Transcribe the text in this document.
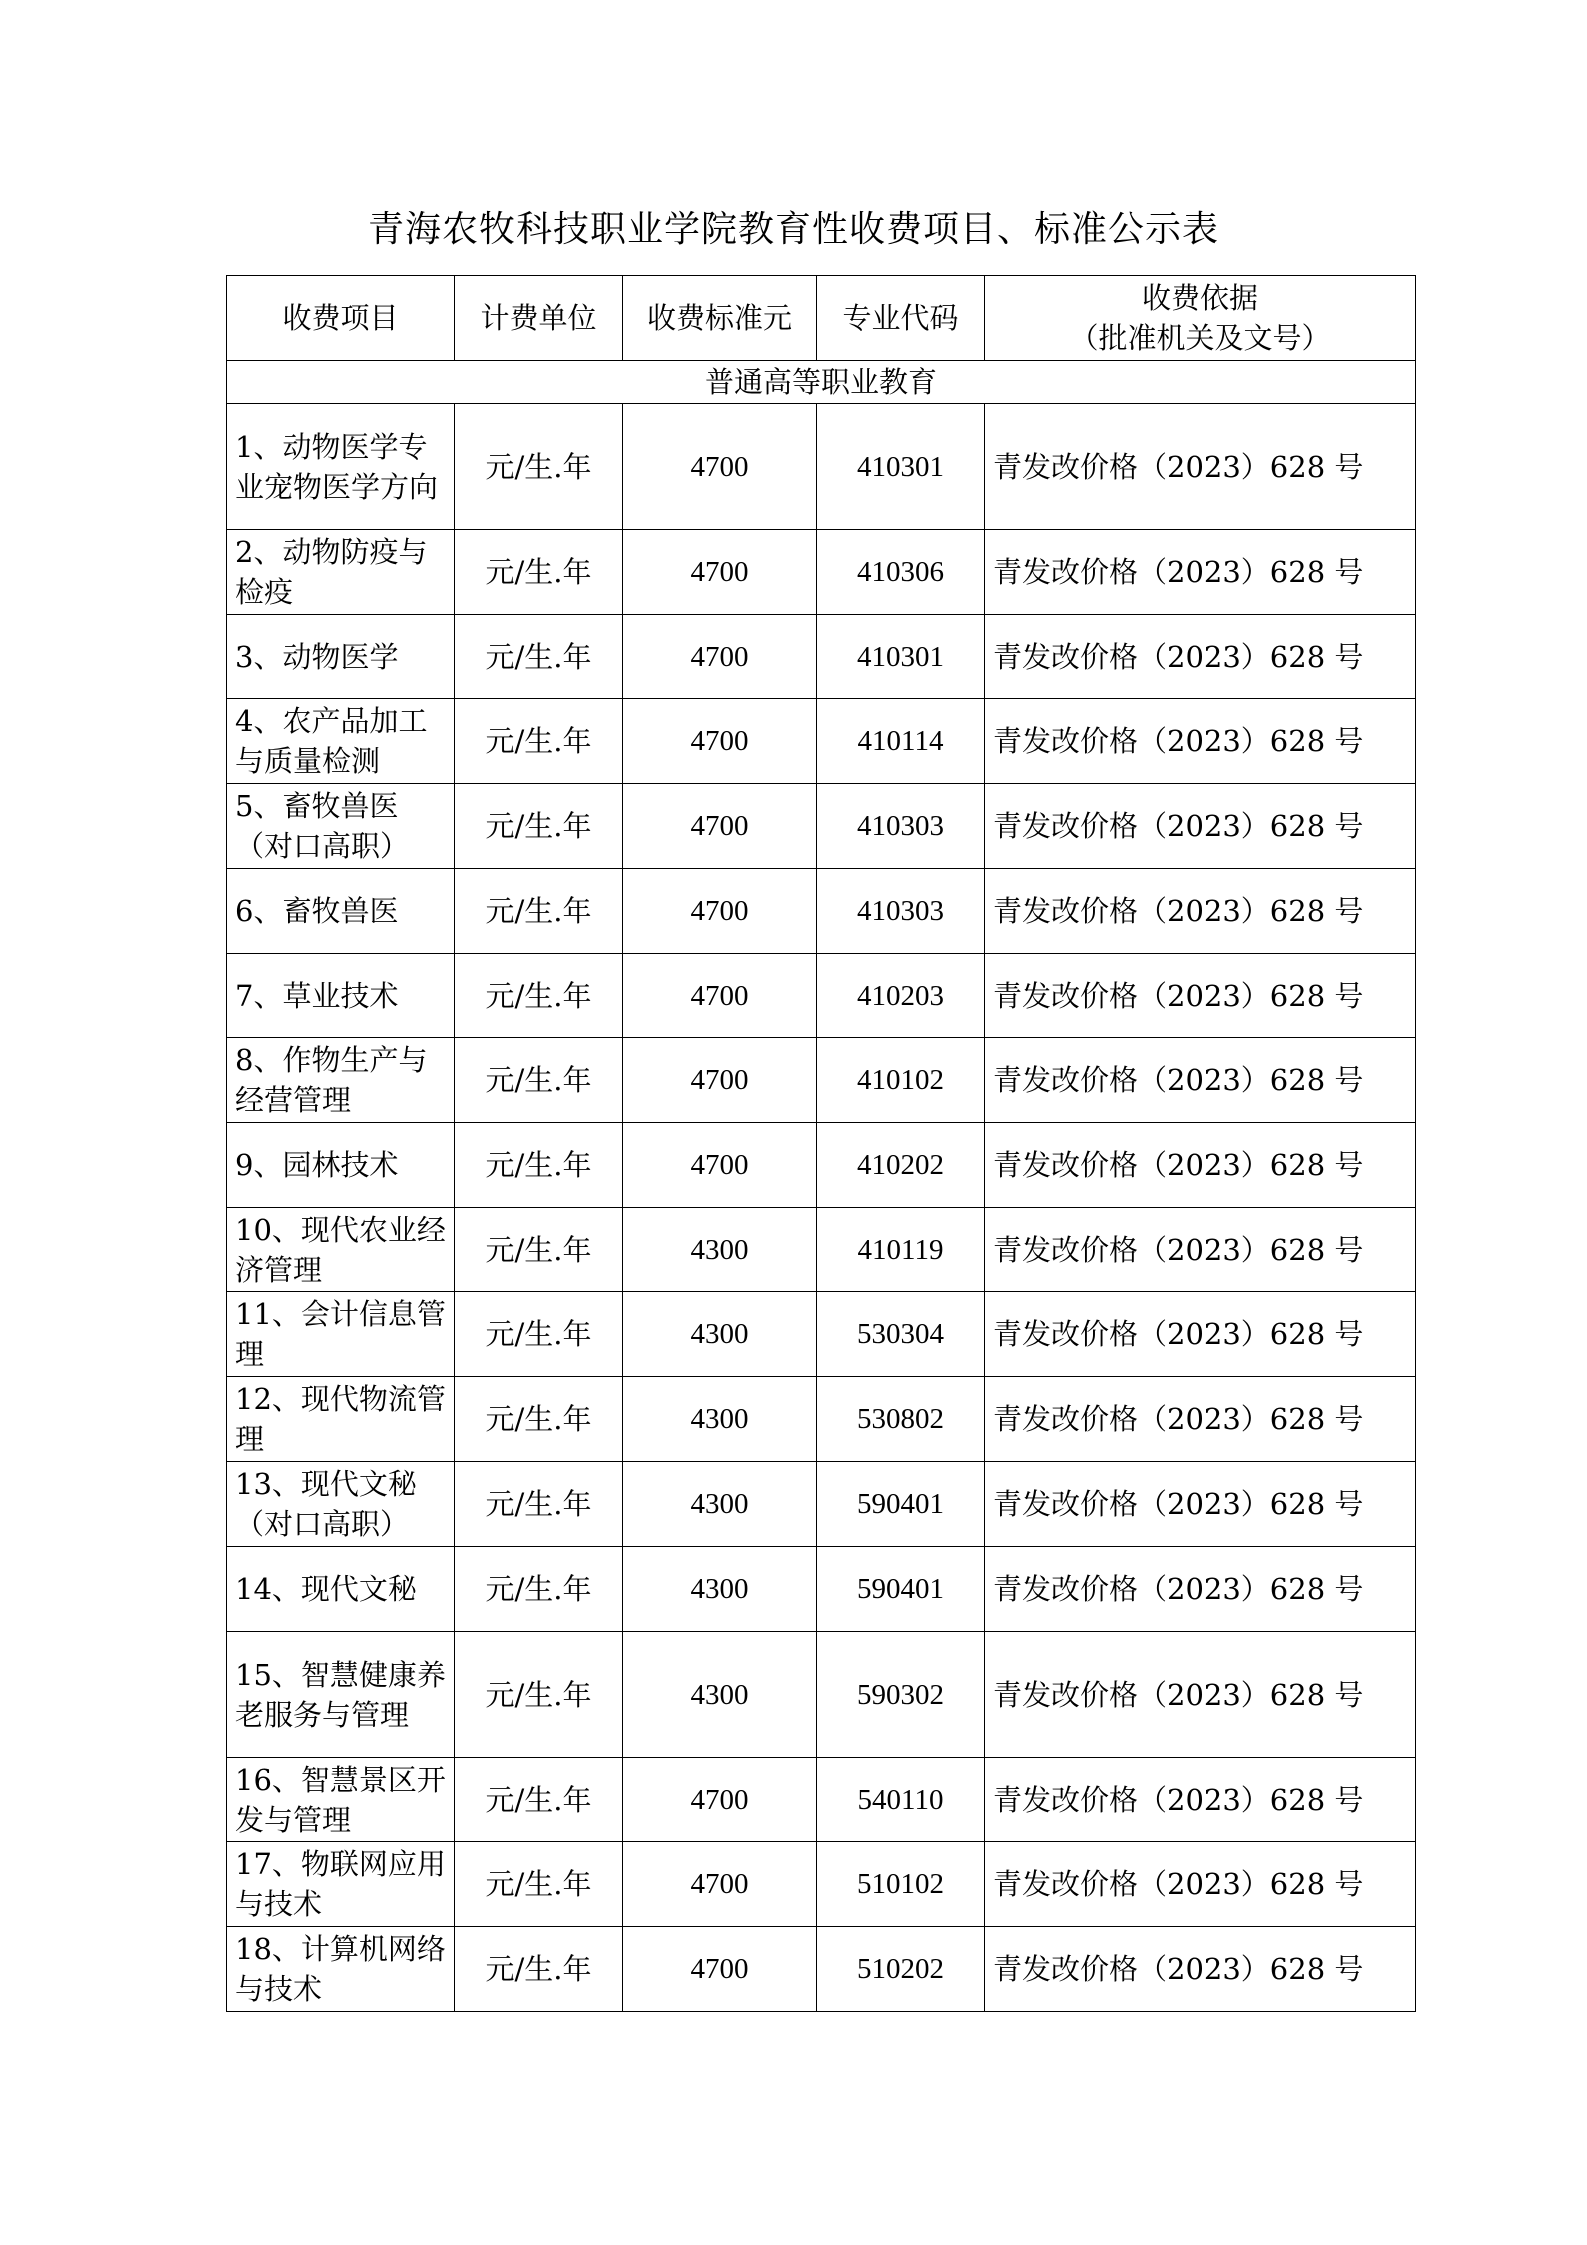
青海农牧科技职业学院教育性收费项目、标准公示表
收费项目	计费单位	收费标准元	专业代码	收费依据
（批准机关及文号）

普通高等职业教育				
1、动物医学专业宠物医学方向	元/生.年	4700	410301	青发改价格（2023）628 号
2、动物防疫与检疫	元/生.年	4700	410306	青发改价格（2023）628 号
3、动物医学	元/生.年	4700	410301	青发改价格（2023）628 号
4、农产品加工与质量检测	元/生.年	4700	410114	青发改价格（2023）628 号
5、畜牧兽医（对口高职）	元/生.年	4700	410303	青发改价格（2023）628 号
6、畜牧兽医	元/生.年	4700	410303	青发改价格（2023）628 号
7、草业技术	元/生.年	4700	410203	青发改价格（2023）628 号
8、作物生产与经营管理	元/生.年	4700	410102	青发改价格（2023）628 号
9、园林技术	元/生.年	4700	410202	青发改价格（2023）628 号
10、现代农业经济管理	元/生.年	4300	410119	青发改价格（2023）628 号
11、会计信息管理	元/生.年	4300	530304	青发改价格（2023）628 号
12、现代物流管理	元/生.年	4300	530802	青发改价格（2023）628 号
13、现代文秘（对口高职）	元/生.年	4300	590401	青发改价格（2023）628 号
14、现代文秘	元/生.年	4300	590401	青发改价格（2023）628 号
15、智慧健康养老服务与管理	元/生.年	4300	590302	青发改价格（2023）628 号
16、智慧景区开发与管理	元/生.年	4700	540110	青发改价格（2023）628 号
17、物联网应用与技术	元/生.年	4700	510102	青发改价格（2023）628 号
18、计算机网络与技术	元/生.年	4700	510202	青发改价格（2023）628 号
